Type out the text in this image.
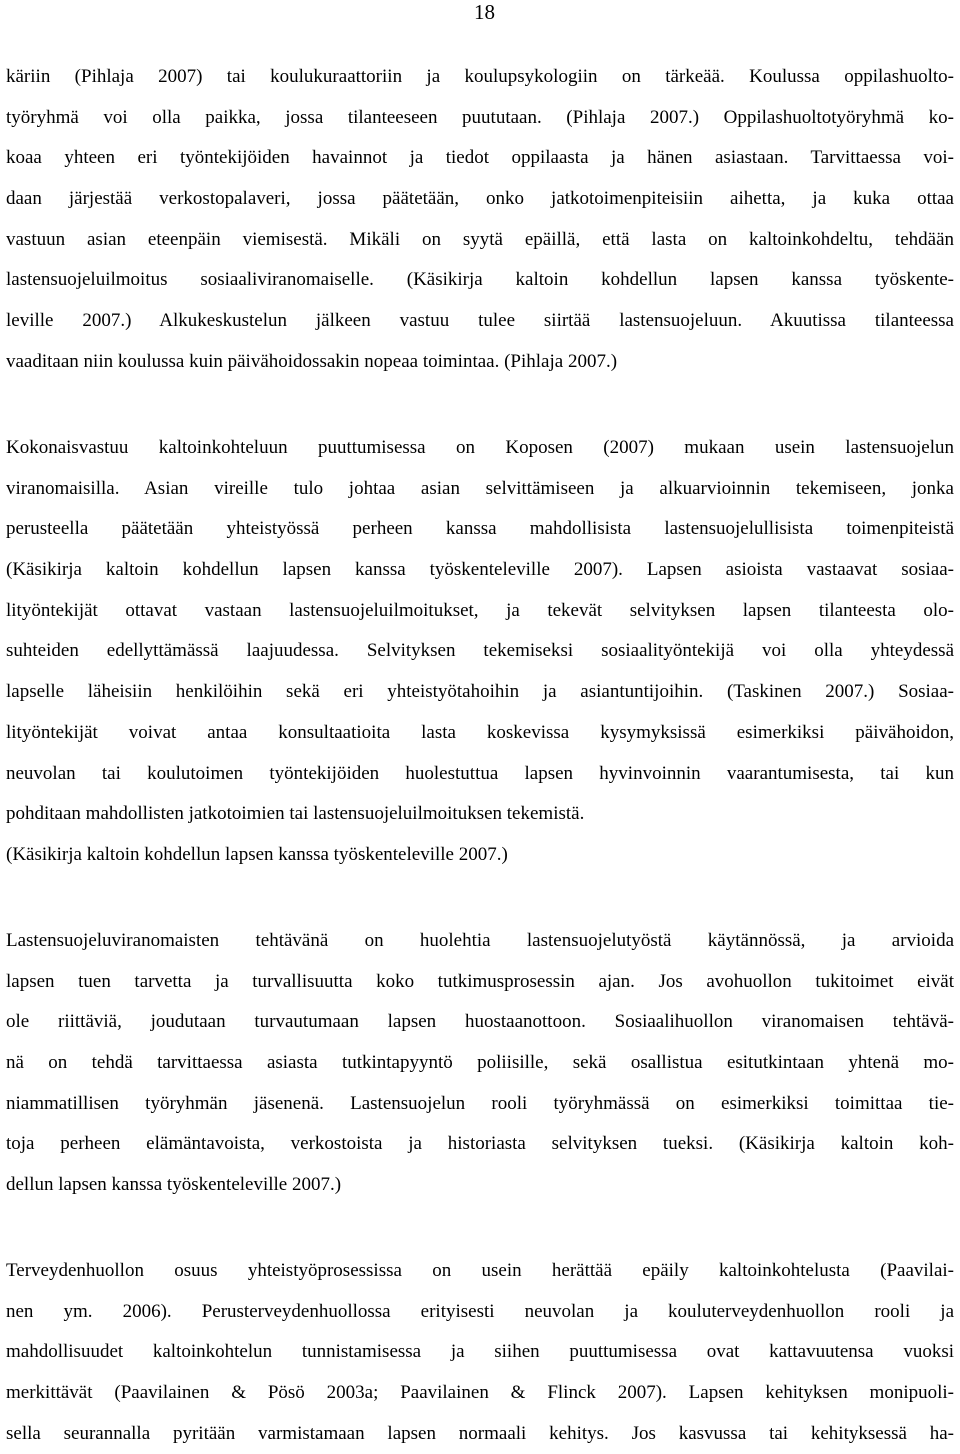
18
käriin (Pihlaja 2007) tai koulukuraattoriin ja koulupsykologiin on tärkeää. Koulussa oppilashuolto-
työryhmä voi olla paikka, jossa tilanteeseen puututaan. (Pihlaja 2007.) Oppilashuoltotyöryhmä ko-
koaa yhteen eri työntekijöiden havainnot ja tiedot oppilaasta ja hänen asiastaan. Tarvittaessa voi-
daan järjestää verkostopalaveri, jossa päätetään, onko jatkotoimenpiteisiin aihetta, ja kuka ottaa
vastuun asian eteenpäin viemisestä. Mikäli on syytä epäillä, että lasta on kaltoinkohdeltu, tehdään
lastensuojeluilmoitus sosiaaliviranomaiselle. (Käsikirja kaltoin kohdellun lapsen kanssa työskente-
leville 2007.) Alkukeskustelun jälkeen vastuu tulee siirtää lastensuojeluun. Akuutissa tilanteessa
vaaditaan niin koulussa kuin päivähoidossakin nopeaa toimintaa. (Pihlaja 2007.)
Kokonaisvastuu kaltoinkohteluun puuttumisessa on Koposen (2007) mukaan usein lastensuojelun
viranomaisilla. Asian vireille tulo johtaa asian selvittämiseen ja alkuarvioinnin tekemiseen, jonka
perusteella päätetään yhteistyössä perheen kanssa mahdollisista lastensuojelullisista toimenpiteistä
(Käsikirja kaltoin kohdellun lapsen kanssa työskenteleville 2007). Lapsen asioista vastaavat sosiaa-
lityöntekijät ottavat vastaan lastensuojeluilmoitukset, ja tekevät selvityksen lapsen tilanteesta olo-
suhteiden edellyttämässä laajuudessa. Selvityksen tekemiseksi sosiaalityöntekijä voi olla yhteydessä
lapselle läheisiin henkilöihin sekä eri yhteistyötahoihin ja asiantuntijoihin. (Taskinen 2007.) Sosiaa-
lityöntekijät voivat antaa konsultaatioita lasta koskevissa kysymyksissä esimerkiksi päivähoidon,
neuvolan tai koulutoimen työntekijöiden huolestuttua lapsen hyvinvoinnin vaarantumisesta, tai kun
pohditaan mahdollisten jatkotoimien tai lastensuojeluilmoituksen tekemistä.
(Käsikirja kaltoin kohdellun lapsen kanssa työskenteleville 2007.)
Lastensuojeluviranomaisten tehtävänä on huolehtia lastensuojelutyöstä käytännössä, ja arvioida
lapsen tuen tarvetta ja turvallisuutta koko tutkimusprosessin ajan. Jos avohuollon tukitoimet eivät
ole riittäviä, joudutaan turvautumaan lapsen huostaanottoon. Sosiaalihuollon viranomaisen tehtävä-
nä on tehdä tarvittaessa asiasta tutkintapyyntö poliisille, sekä osallistua esitutkintaan yhtenä mo-
niammatillisen työryhmän jäsenenä. Lastensuojelun rooli työryhmässä on esimerkiksi toimittaa tie-
toja perheen elämäntavoista, verkostoista ja historiasta selvityksen tueksi. (Käsikirja kaltoin koh-
dellun lapsen kanssa työskenteleville 2007.)
Terveydenhuollon osuus yhteistyöprosessissa on usein herättää epäily kaltoinkohtelusta (Paavilai-
nen ym. 2006). Perusterveydenhuollossa erityisesti neuvolan ja kouluterveydenhuollon rooli ja
mahdollisuudet kaltoinkohtelun tunnistamisessa ja siihen puuttumisessa ovat kattavuutensa vuoksi
merkittävät (Paavilainen & Pösö 2003a; Paavilainen & Flinck 2007). Lapsen kehityksen monipuoli-
sella seurannalla pyritään varmistamaan lapsen normaali kehitys. Jos kasvussa tai kehityksessä ha-
